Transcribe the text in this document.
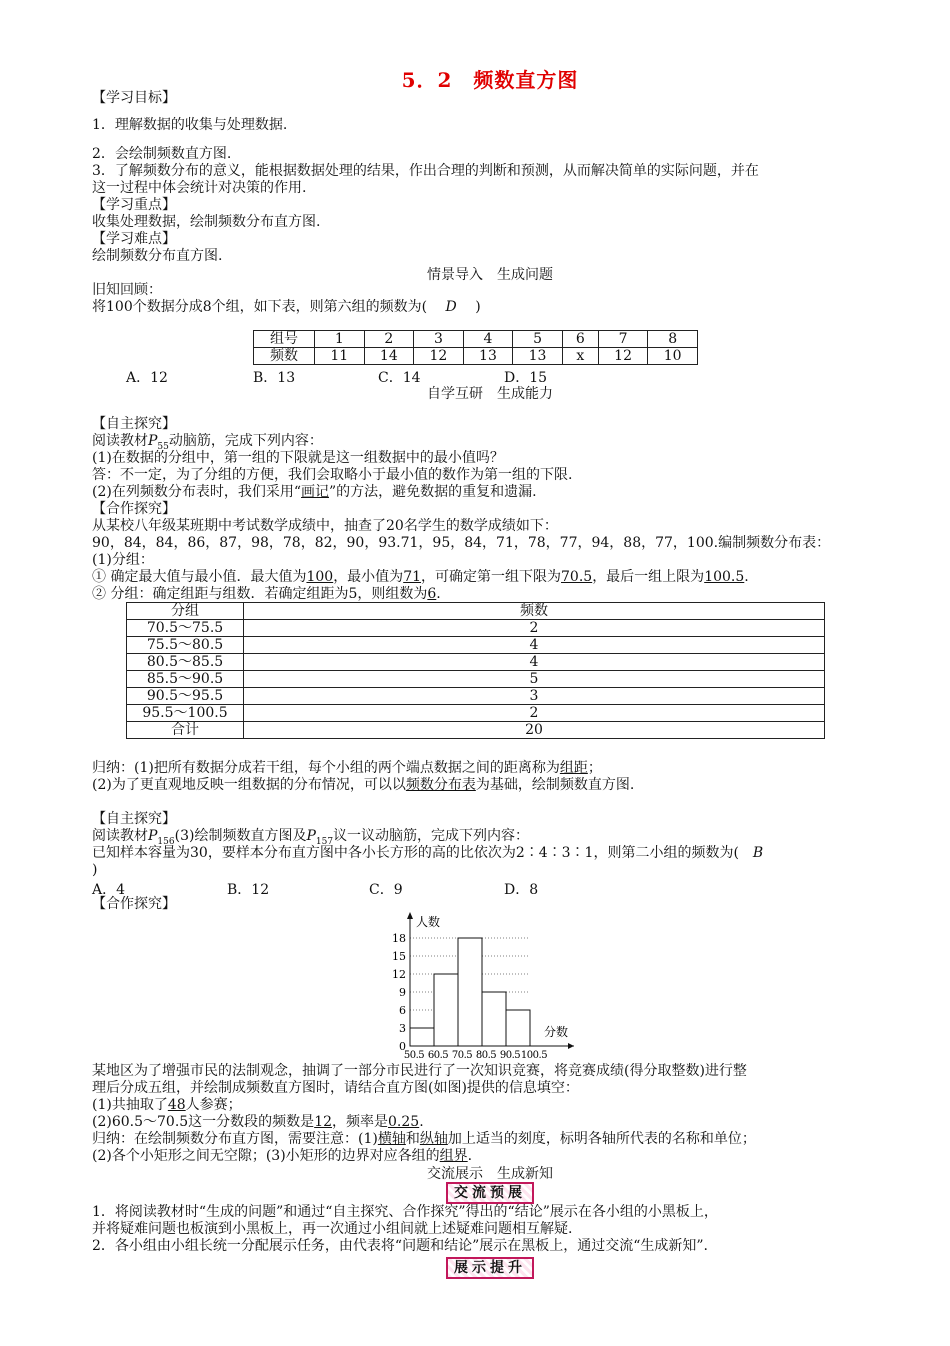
5．2　频数直方图
【学习目标】
1．理解数据的收集与处理数据.
2．会绘制频数直方图.
3．了解频数分布的意义，能根据数据处理的结果，作出合理的判断和预测，从而解决简单的实际问题，并在
这一过程中体会统计对决策的作用.
【学习重点】
收集处理数据，绘制频数分布直方图.
【学习难点】
绘制频数分布直方图.
情景导入　生成问题
旧知回顾：
将100个数据分成8个组，如下表，则第六组的频数为( D )
组号	1	2	3	4	5	6	7	8
频数	11	14	12	13	13	x	12	10
A．12	B．13	C．14	D．15
自学互研　生成能力
【自主探究】
阅读教材$P_{55}$动脑筋，完成下列内容：
(1)在数据的分组中，第一组的下限就是这一组数据中的最小值吗？
答：不一定，为了分组的方便，我们会取略小于最小值的数作为第一组的下限.
(2)在列频数分布表时，我们采用“画记”的方法，避免数据的重复和遗漏.
【合作探究】
从某校八年级某班期中考试数学成绩中，抽查了20名学生的数学成绩如下：
90，84，84，86，87，98，78，82，90，93.71，95，84，71，78，77，94，88，77，100.编制频数分布表：
(1)分组：
① 确定最大值与最小值．最大值为100，最小值为71，可确定第一组下限为70.5，最后一组上限为100.5.
② 分组：确定组距与组数．若确定组距为5，则组数为6.
分组	频数
70.5～75.5	2
75.5～80.5	4
80.5～85.5	4
85.5～90.5	5
90.5～95.5	3
95.5～100.5	2
合计	20
归纳：(1)把所有数据分成若干组，每个小组的两个端点数据之间的距离称为组距；
(2)为了更直观地反映一组数据的分布情况，可以以频数分布表为基础，绘制频数直方图.
【自主探究】
阅读教材$P_{156}(3)$绘制频数直方图及$P_{157}$议一议动脑筋，完成下列内容：
已知样本容量为30，要样本分布直方图中各小长方形的高的比依次为2∶4∶3∶1，则第二小组的频数为( B
)
A．4	B．12	C．9	D．8
【合作探究】
0
3
6
9
12
15
18
50.5 60.5 70.5 80.5 90.5 100.5
人数
分数
某地区为了增强市民的法制观念，抽调了一部分市民进行了一次知识竞赛，将竞赛成绩(得分取整数)进行整
理后分成五组，并绘制成频数直方图时，请结合直方图(如图)提供的信息填空：
(1)共抽取了48人参赛；
(2)60.5～70.5这一分数段的频数是12，频率是0.25.
归纳：在绘制频数分布直方图，需要注意：(1)横轴和纵轴加上适当的刻度，标明各轴所代表的名称和单位；
(2)各个小矩形之间无空隙；(3)小矩形的边界对应各组的组界.
交流展示　生成新知
交流预展
1．将阅读教材时“生成的问题”和通过“自主探究、合作探究”得出的“结论”展示在各小组的小黑板上，
并将疑难问题也板演到小黑板上，再一次通过小组间就上述疑难问题相互解疑.
2．各小组由小组长统一分配展示任务，由代表将“问题和结论”展示在黑板上，通过交流“生成新知”.
展示提升
